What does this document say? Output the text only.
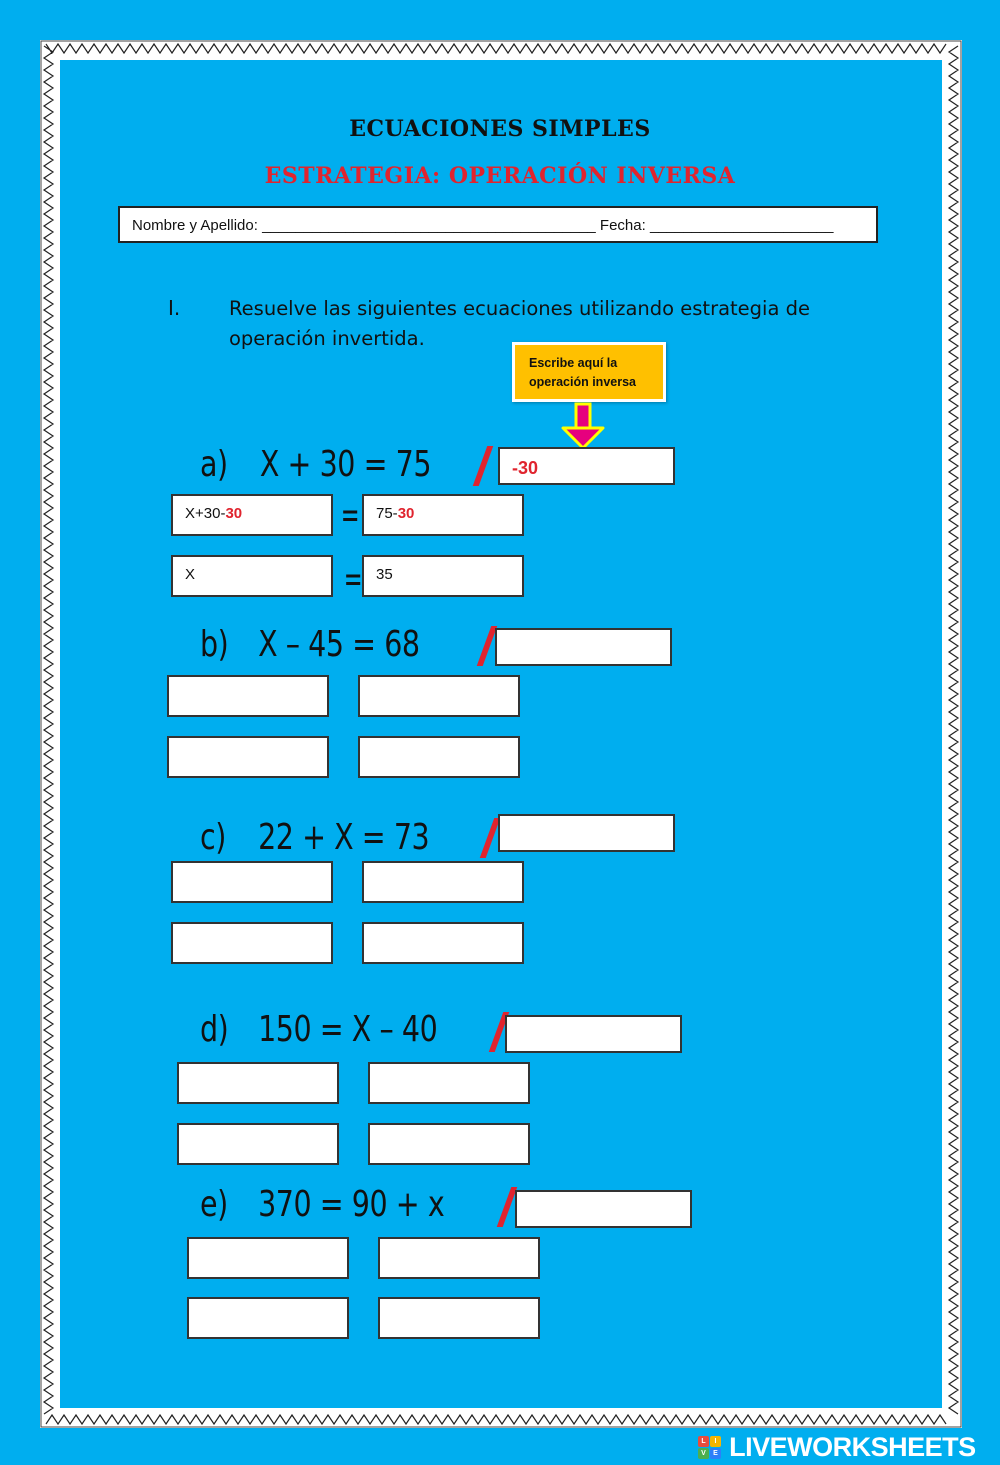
ECUACIONES SIMPLES
ESTRATEGIA: OPERACIÓN INVERSA
Nombre y Apellido: ________________________________________ Fecha: ______________________
I. Resuelve las siguientes ecuaciones utilizando estrategia de operación invertida.
Escribe aquí la operación inversa
a) X + 30 = 75	-30
X+30-30	=	75-30
X	= 35
b) X – 45 = 68
c) 22 + X = 73
d) 150 = X – 40
e) 370 = 90 + x
L	I
V	E LIVEWORKSHEETS
